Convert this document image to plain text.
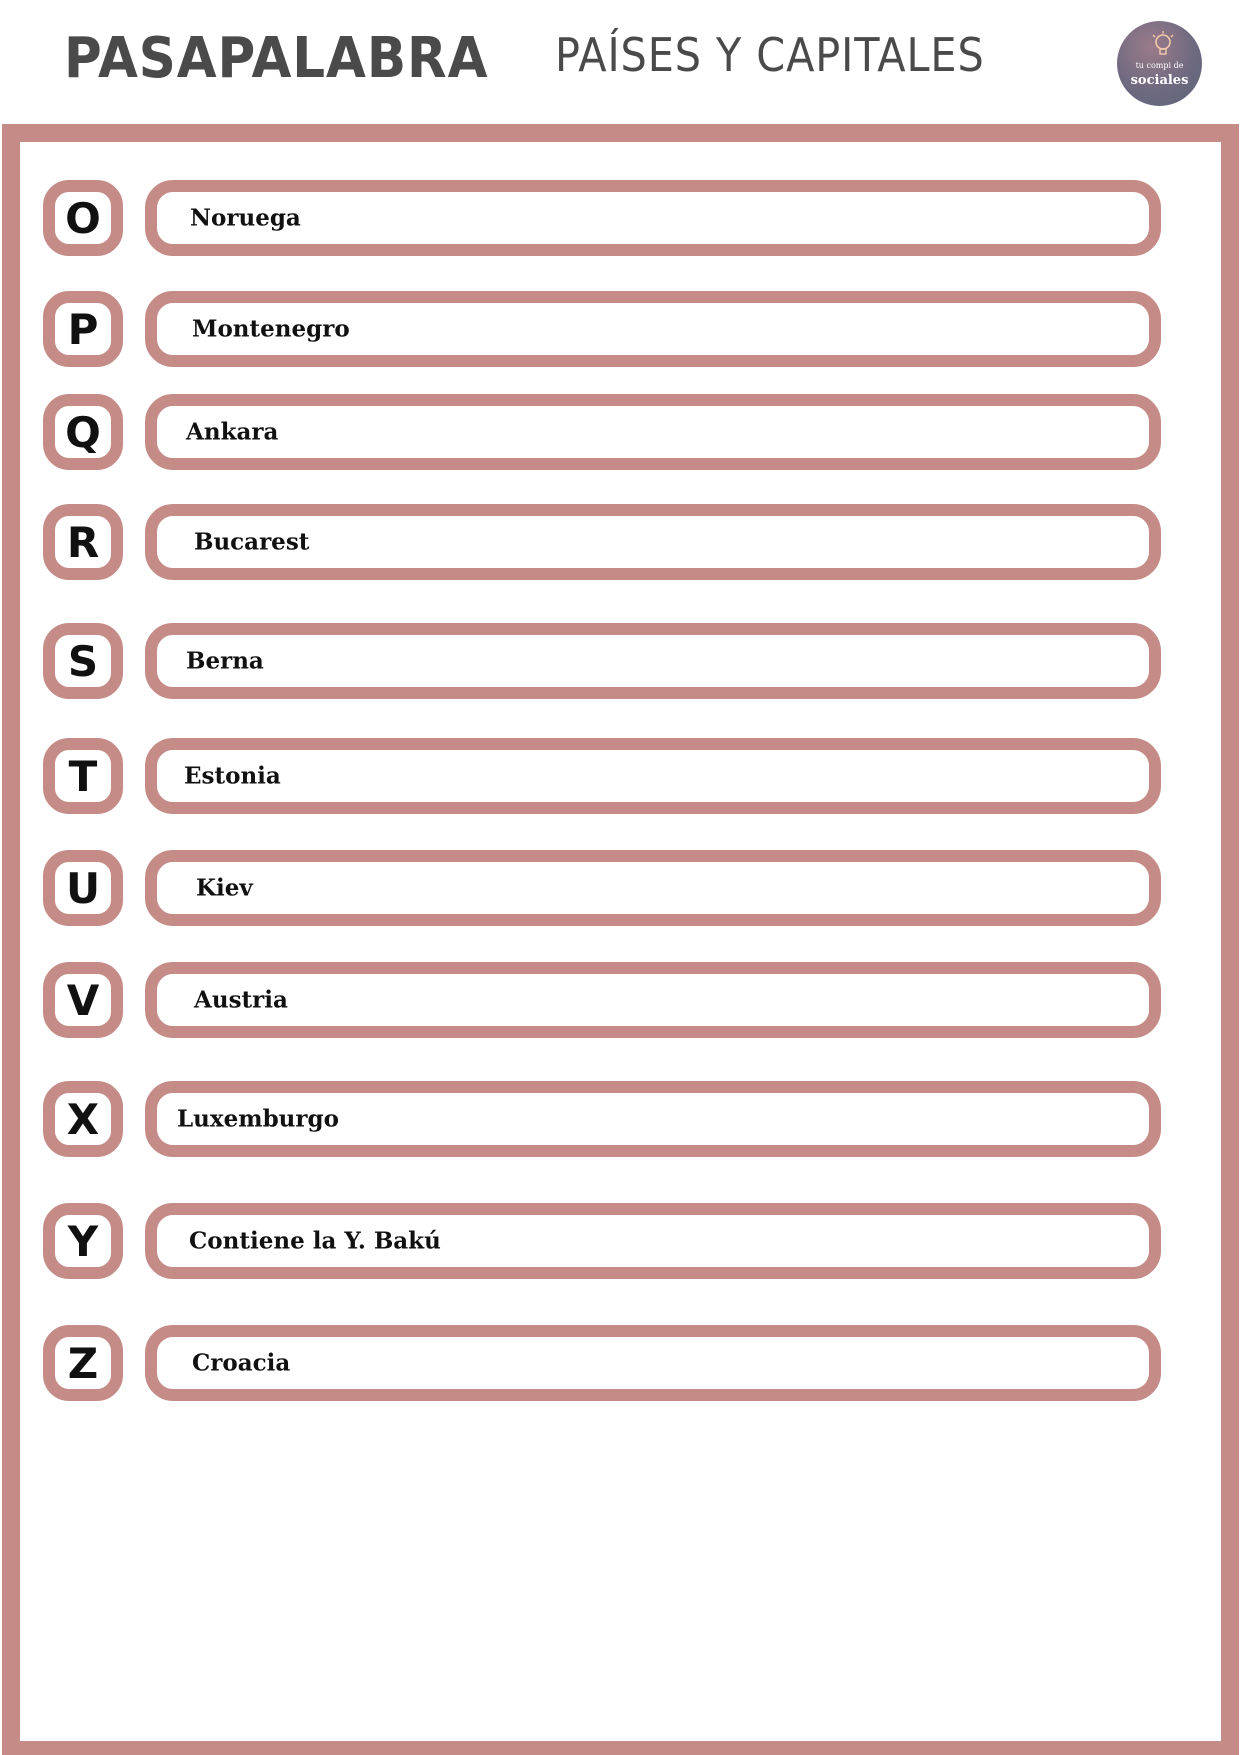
PASAPALABRA PAÍSES Y CAPITALES	tu compi de
sociales
O	Noruega
P	Montenegro
Q	Ankara
R	Bucarest
S	Berna
T	Estonia
U	Kiev
V	Austria
X	Luxemburgo
Y	Contiene la Y. Bakú
Z	Croacia
